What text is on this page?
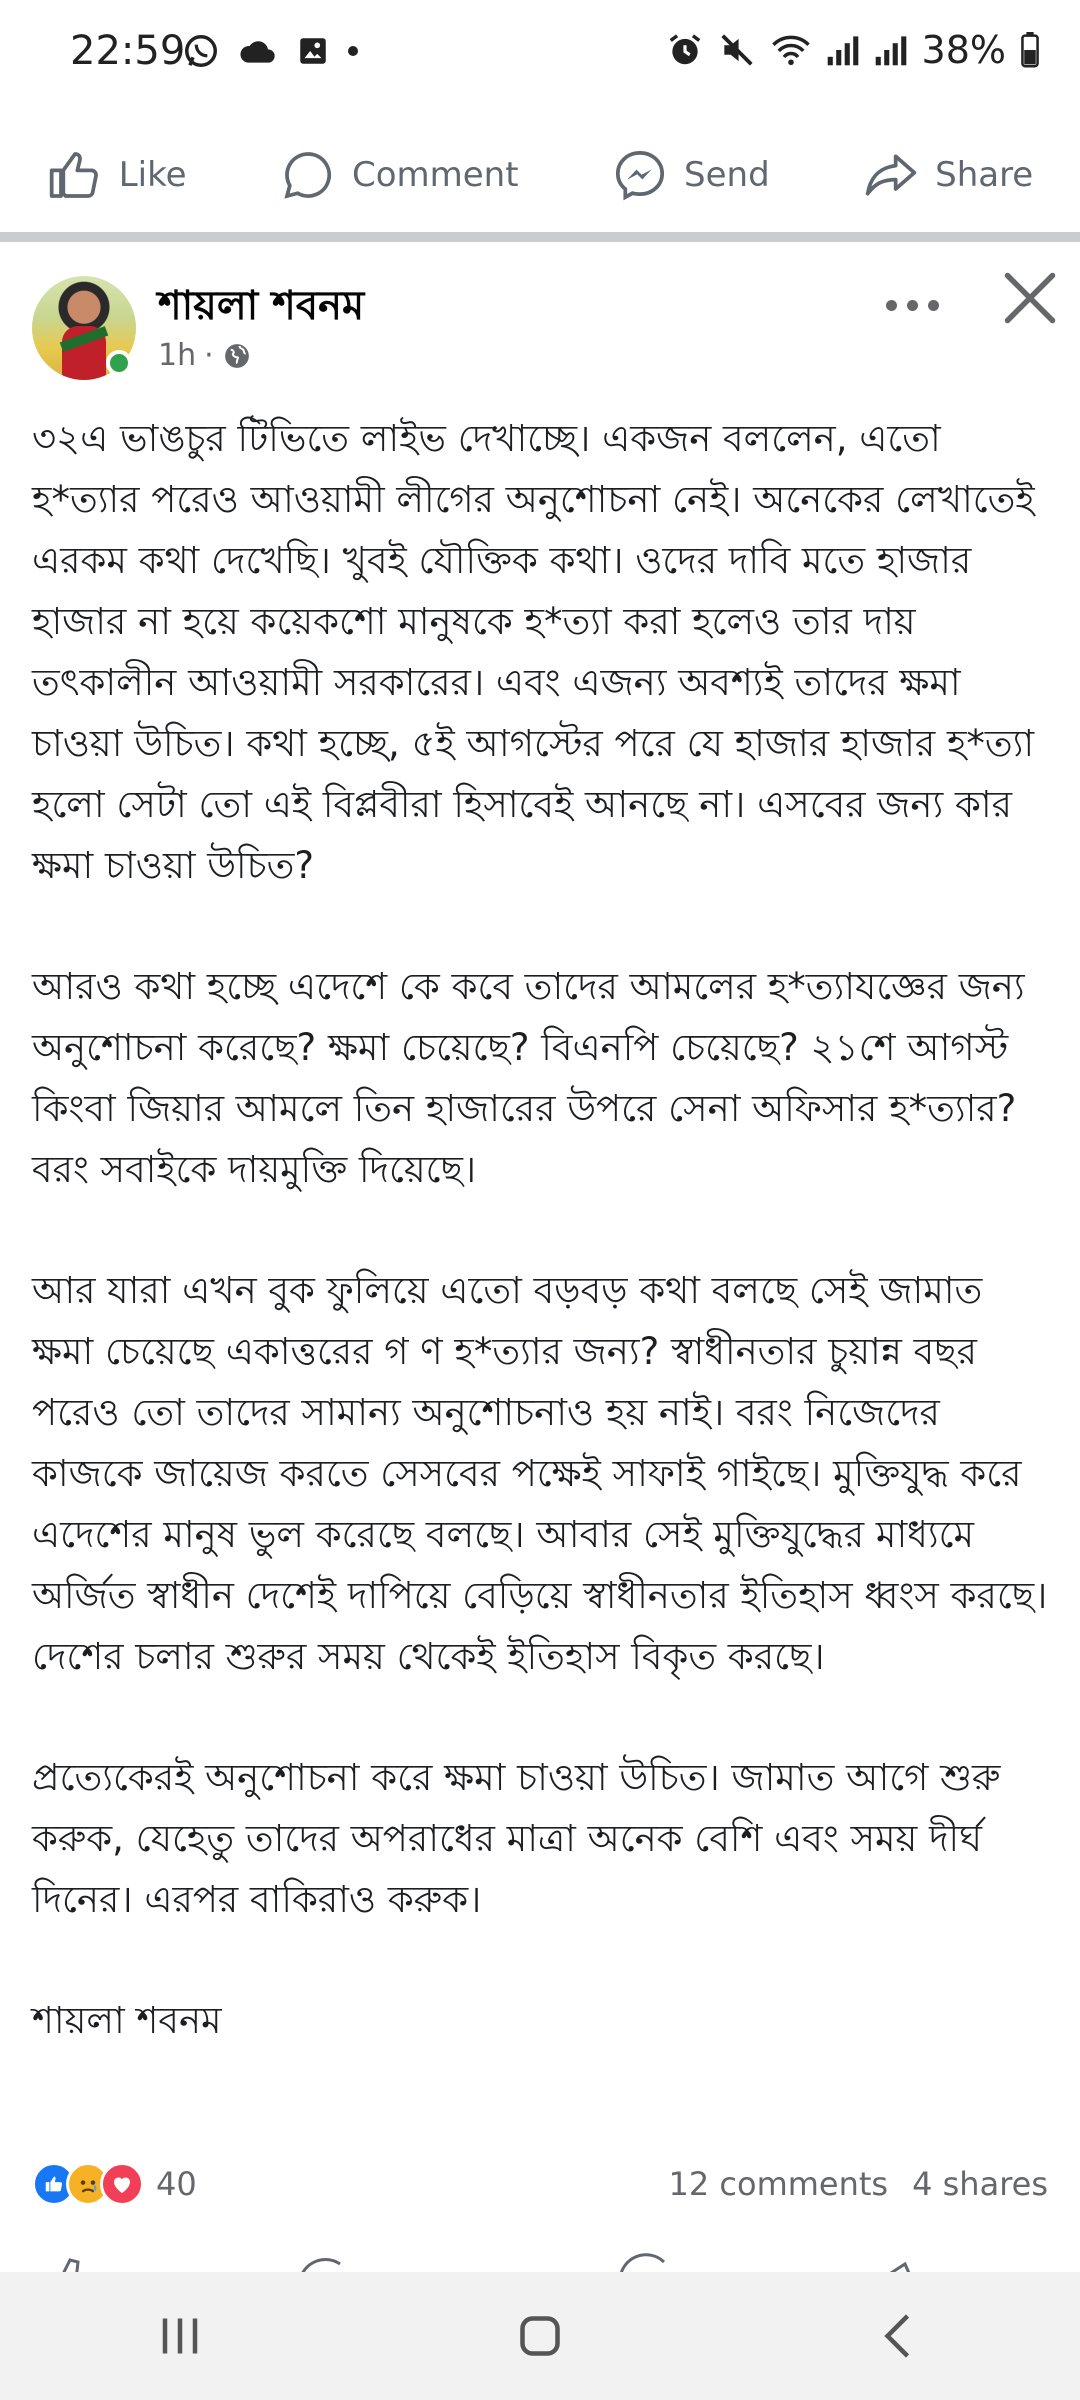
22:59	38%
Like	Comment	Send	Share
শায়লা শবনম
1h ·

৩২এ ভাঙচুর টিভিতে লাইভ দেখাচ্ছে। একজন বললেন, এতো হ*ত্যার পরেও আওয়ামী লীগের অনুশোচনা নেই। অনেকের লেখাতেই এরকম কথা দেখেছি। খুবই যৌক্তিক কথা। ওদের দাবি মতে হাজার হাজার না হয়ে কয়েকশো মানুষকে হ*ত্যা করা হলেও তার দায় তৎকালীন আওয়ামী সরকারের। এবং এজন্য অবশ্যই তাদের ক্ষমা চাওয়া উচিত। কথা হচ্ছে, ৫ই আগস্টের পরে যে হাজার হাজার হ*ত্যা হলো সেটা তো এই বিপ্লবীরা হিসাবেই আনছে না। এসবের জন্য কার ক্ষমা চাওয়া উচিত?

আরও কথা হচ্ছে এদেশে কে কবে তাদের আমলের হ*ত্যাযজ্ঞের জন্য অনুশোচনা করেছে? ক্ষমা চেয়েছে? বিএনপি চেয়েছে? ২১শে আগস্ট কিংবা জিয়ার আমলে তিন হাজারের উপরে সেনা অফিসার হ*ত্যার? বরং সবাইকে দায়মুক্তি দিয়েছে।

আর যারা এখন বুক ফুলিয়ে এতো বড়বড় কথা বলছে সেই জামাত ক্ষমা চেয়েছে একাত্তরের গ ণ হ*ত্যার জন্য? স্বাধীনতার চুয়ান্ন বছর পরেও তো তাদের সামান্য অনুশোচনাও হয় নাই। বরং নিজেদের কাজকে জায়েজ করতে সেসবের পক্ষেই সাফাই গাইছে। মুক্তিযুদ্ধ করে এদেশের মানুষ ভুল করেছে বলছে। আবার সেই মুক্তিযুদ্ধের মাধ্যমে অর্জিত স্বাধীন দেশেই দাপিয়ে বেড়িয়ে স্বাধীনতার ইতিহাস ধ্বংস করছে। দেশের চলার শুরুর সময় থেকেই ইতিহাস বিকৃত করছে।

প্রত্যেকেরই অনুশোচনা করে ক্ষমা চাওয়া উচিত। জামাত আগে শুরু করুক, যেহেতু তাদের অপরাধের মাত্রা অনেক বেশি এবং সময় দীর্ঘ দিনের। এরপর বাকিরাও করুক।

শায়লা শবনম

40	12 comments 4 shares
